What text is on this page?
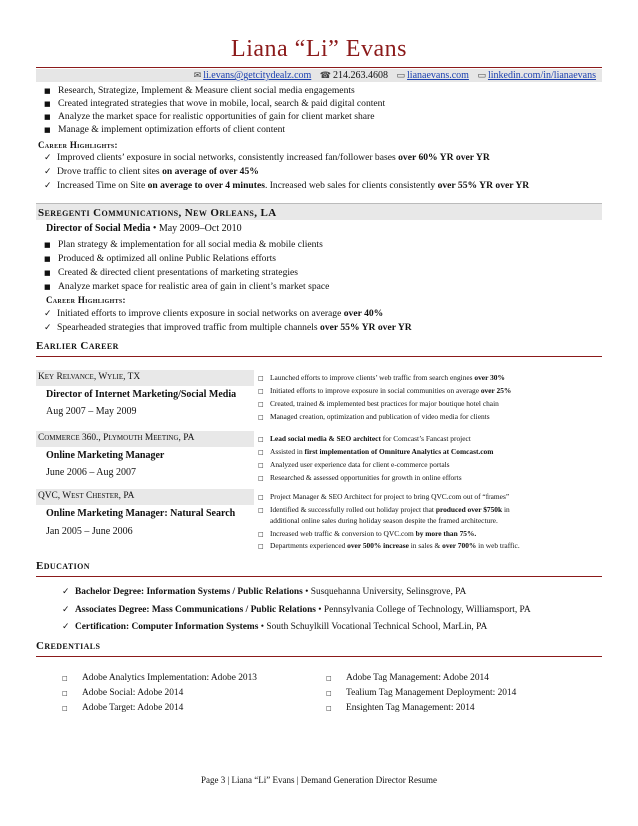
Liana “Li” Evans
✉ li.evans@getcitydealz.com ☎ 214.263.4608 ▭ lianaevans.com ▭ linkedin.com/in/lianaevans
■ Research, Strategize, Implement & Measure client social media engagements
■ Created integrated strategies that wove in mobile, local, search & paid digital content
■ Analyze the market space for realistic opportunities of gain for client market share
■ Manage & implement optimization efforts of client content
Career Highlights:
✓ Improved clients’ exposure in social networks, consistently increased fan/follower bases over 60% YR over YR
✓ Drove traffic to client sites on average of over 45%
✓ Increased Time on Site on average to over 4 minutes. Increased web sales for clients consistently over 55% YR over YR
Seregenti Communications, New Orleans, LA
Director of Social Media • May 2009–Oct 2010
■ Plan strategy & implementation for all social media & mobile clients
■ Produced & optimized all online Public Relations efforts
■ Created & directed client presentations of marketing strategies
■ Analyze market space for realistic area of gain in client’s market space
Career Highlights:
✓ Initiated efforts to improve clients exposure in social networks on average over 40%
✓ Spearheaded strategies that improved traffic from multiple channels over 55% YR over YR
Earlier Career
Key Relvance, Wylie, TX
Director of Internet Marketing/Social Media
Aug 2007 – May 2009
□ Launched efforts to improve clients’ web traffic from search engines over 30%
□ Initiated efforts to improve exposure in social communities on average over 25%
□ Created, trained & implemented best practices for major boutique hotel chain
□ Managed creation, optimization and publication of video media for clients
Commerce 360., Plymouth Meeting, PA
Online Marketing Manager
June 2006 – Aug 2007
□ Lead social media & SEO architect for Comcast’s Fancast project
□ Assisted in first implementation of Omniture Analytics at Comcast.com
□ Analyzed user experience data for client e-commerce portals
□ Researched & assessed opportunities for growth in online efforts
QVC, West Chester, PA
Online Marketing Manager: Natural Search
Jan 2005 – June 2006
□ Project Manager & SEO Architect for project to bring QVC.com out of “frames”
□ Identified & successfully rolled out holiday project that produced over $750k in
additional online sales during holiday season despite the framed architecture.
□ Increased web traffic & conversion to QVC.com by more than 75%.
□ Departments experienced over 500% increase in sales & over 700% in web traffic.
Education
✓ Bachelor Degree: Information Systems / Public Relations • Susquehanna University, Selinsgrove, PA
✓ Associates Degree: Mass Communications / Public Relations • Pennsylvania College of Technology, Williamsport, PA
✓ Certification: Computer Information Systems • South Schuylkill Vocational Technical School, MarLin, PA
Credentials
□ Adobe Analytics Implementation: Adobe 2013
□ Adobe Social: Adobe 2014
□ Adobe Target: Adobe 2014
□ Adobe Tag Management: Adobe 2014
□ Tealium Tag Management Deployment: 2014
□ Ensighten Tag Management: 2014
Page 3 | Liana “Li” Evans | Demand Generation Director Resume
